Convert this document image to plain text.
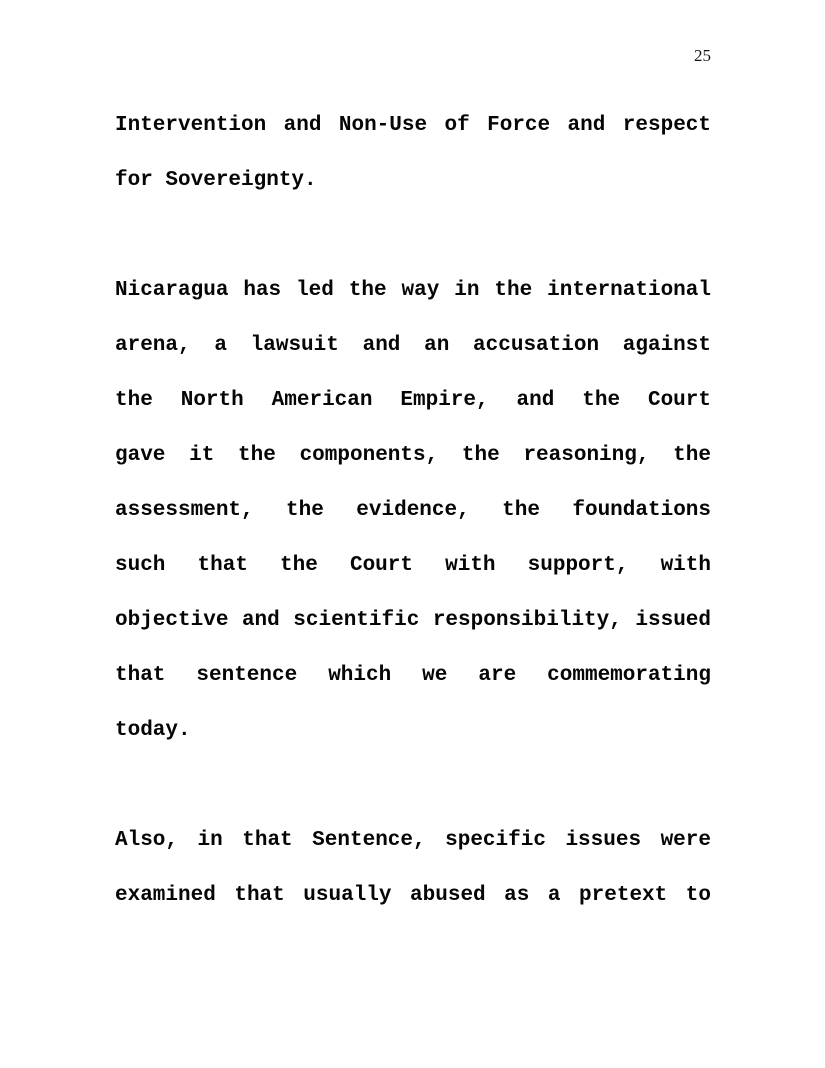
25
Intervention and Non-Use of Force and respect
for Sovereignty.
Nicaragua has led the way in the international
arena, a lawsuit and an accusation against
the North American Empire, and the Court
gave it the components, the reasoning, the
assessment, the evidence, the foundations
such that the Court with support, with
objective and scientific responsibility, issued
that sentence which we are commemorating
today.
Also, in that Sentence, specific issues were
examined that usually abused as a pretext to
